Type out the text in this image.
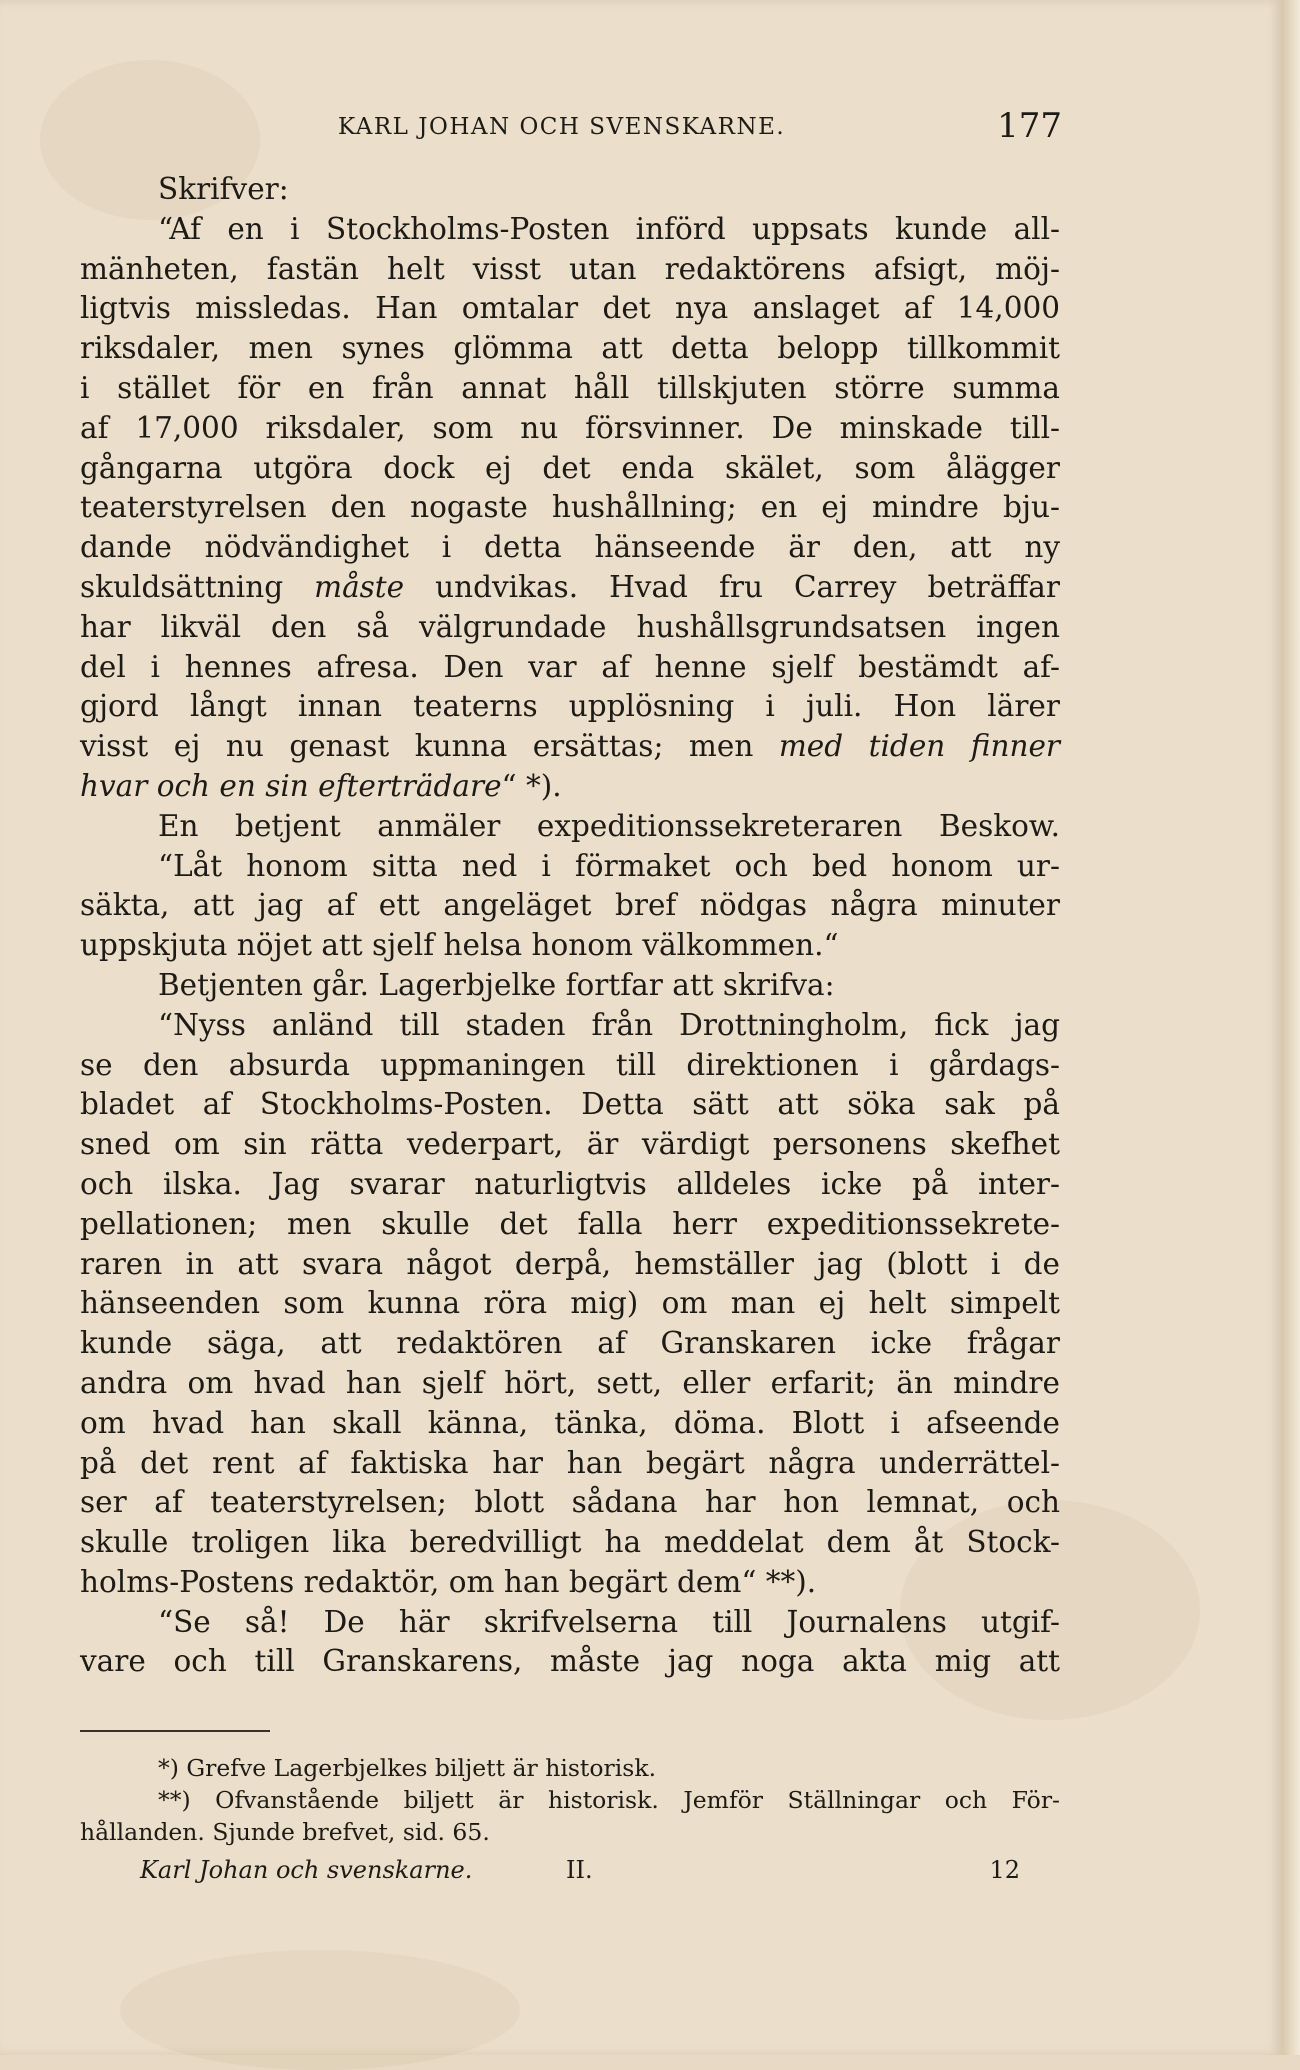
KARL JOHAN OCH SVENSKARNE.	177
Skrifver:
“Af en i Stockholms-Posten införd uppsats kunde all-
mänheten, fastän helt visst utan redaktörens afsigt, möj-
ligtvis missledas. Han omtalar det nya anslaget af 14,000
riksdaler, men synes glömma att detta belopp tillkommit
i stället för en från annat håll tillskjuten större summa
af 17,000 riksdaler, som nu försvinner. De minskade till-
gångarna utgöra dock ej det enda skälet, som ålägger
teaterstyrelsen den nogaste hushållning; en ej mindre bju-
dande nödvändighet i detta hänseende är den, att ny
skuldsättning måste undvikas. Hvad fru Carrey beträffar
har likväl den så välgrundade hushållsgrundsatsen ingen
del i hennes afresa. Den var af henne sjelf bestämdt af-
gjord långt innan teaterns upplösning i juli. Hon lärer
visst ej nu genast kunna ersättas; men med tiden finner
hvar och en sin efterträdare“ *).
En betjent anmäler expeditionssekreteraren Beskow.
“Låt honom sitta ned i förmaket och bed honom ur-
säkta, att jag af ett angeläget bref nödgas några minuter
uppskjuta nöjet att sjelf helsa honom välkommen.“
Betjenten går. Lagerbjelke fortfar att skrifva:
“Nyss anländ till staden från Drottningholm, fick jag
se den absurda uppmaningen till direktionen i gårdags-
bladet af Stockholms-Posten. Detta sätt att söka sak på
sned om sin rätta vederpart, är värdigt personens skefhet
och ilska. Jag svarar naturligtvis alldeles icke på inter-
pellationen; men skulle det falla herr expeditionssekrete-
raren in att svara något derpå, hemställer jag (blott i de
hänseenden som kunna röra mig) om man ej helt simpelt
kunde säga, att redaktören af Granskaren icke frågar
andra om hvad han sjelf hört, sett, eller erfarit; än mindre
om hvad han skall känna, tänka, döma. Blott i afseende
på det rent af faktiska har han begärt några underrättel-
ser af teaterstyrelsen; blott sådana har hon lemnat, och
skulle troligen lika beredvilligt ha meddelat dem åt Stock-
holms-Postens redaktör, om han begärt dem“ **).
“Se så! De här skrifvelserna till Journalens utgif-
vare och till Granskarens, måste jag noga akta mig att
*) Grefve Lagerbjelkes biljett är historisk.
**) Ofvanstående biljett är historisk. Jemför Ställningar och För-
hållanden. Sjunde brefvet, sid. 65.
Karl Johan och svenskarne.	II.	12
